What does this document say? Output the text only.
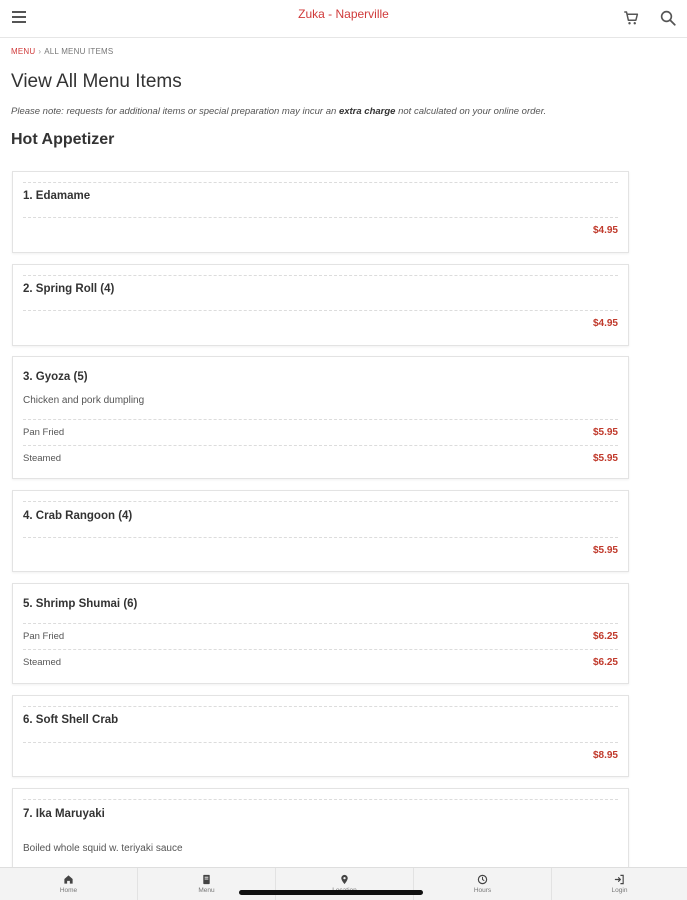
Zuka - Naperville
MENU › ALL MENU ITEMS
View All Menu Items
Please note: requests for additional items or special preparation may incur an extra charge not calculated on your online order.
Hot Appetizer
1. Edamame
$4.95
2. Spring Roll (4)
$4.95
3. Gyoza (5)
Chicken and pork dumpling
Pan Fried	$5.95
Steamed	$5.95
4. Crab Rangoon (4)
$5.95
5. Shrimp Shumai (6)
Pan Fried	$6.25
Steamed	$6.25
6. Soft Shell Crab
$8.95
7. Ika Maruyaki
Boiled whole squid w. teriyaki sauce
Home	Menu	Hours	Login
